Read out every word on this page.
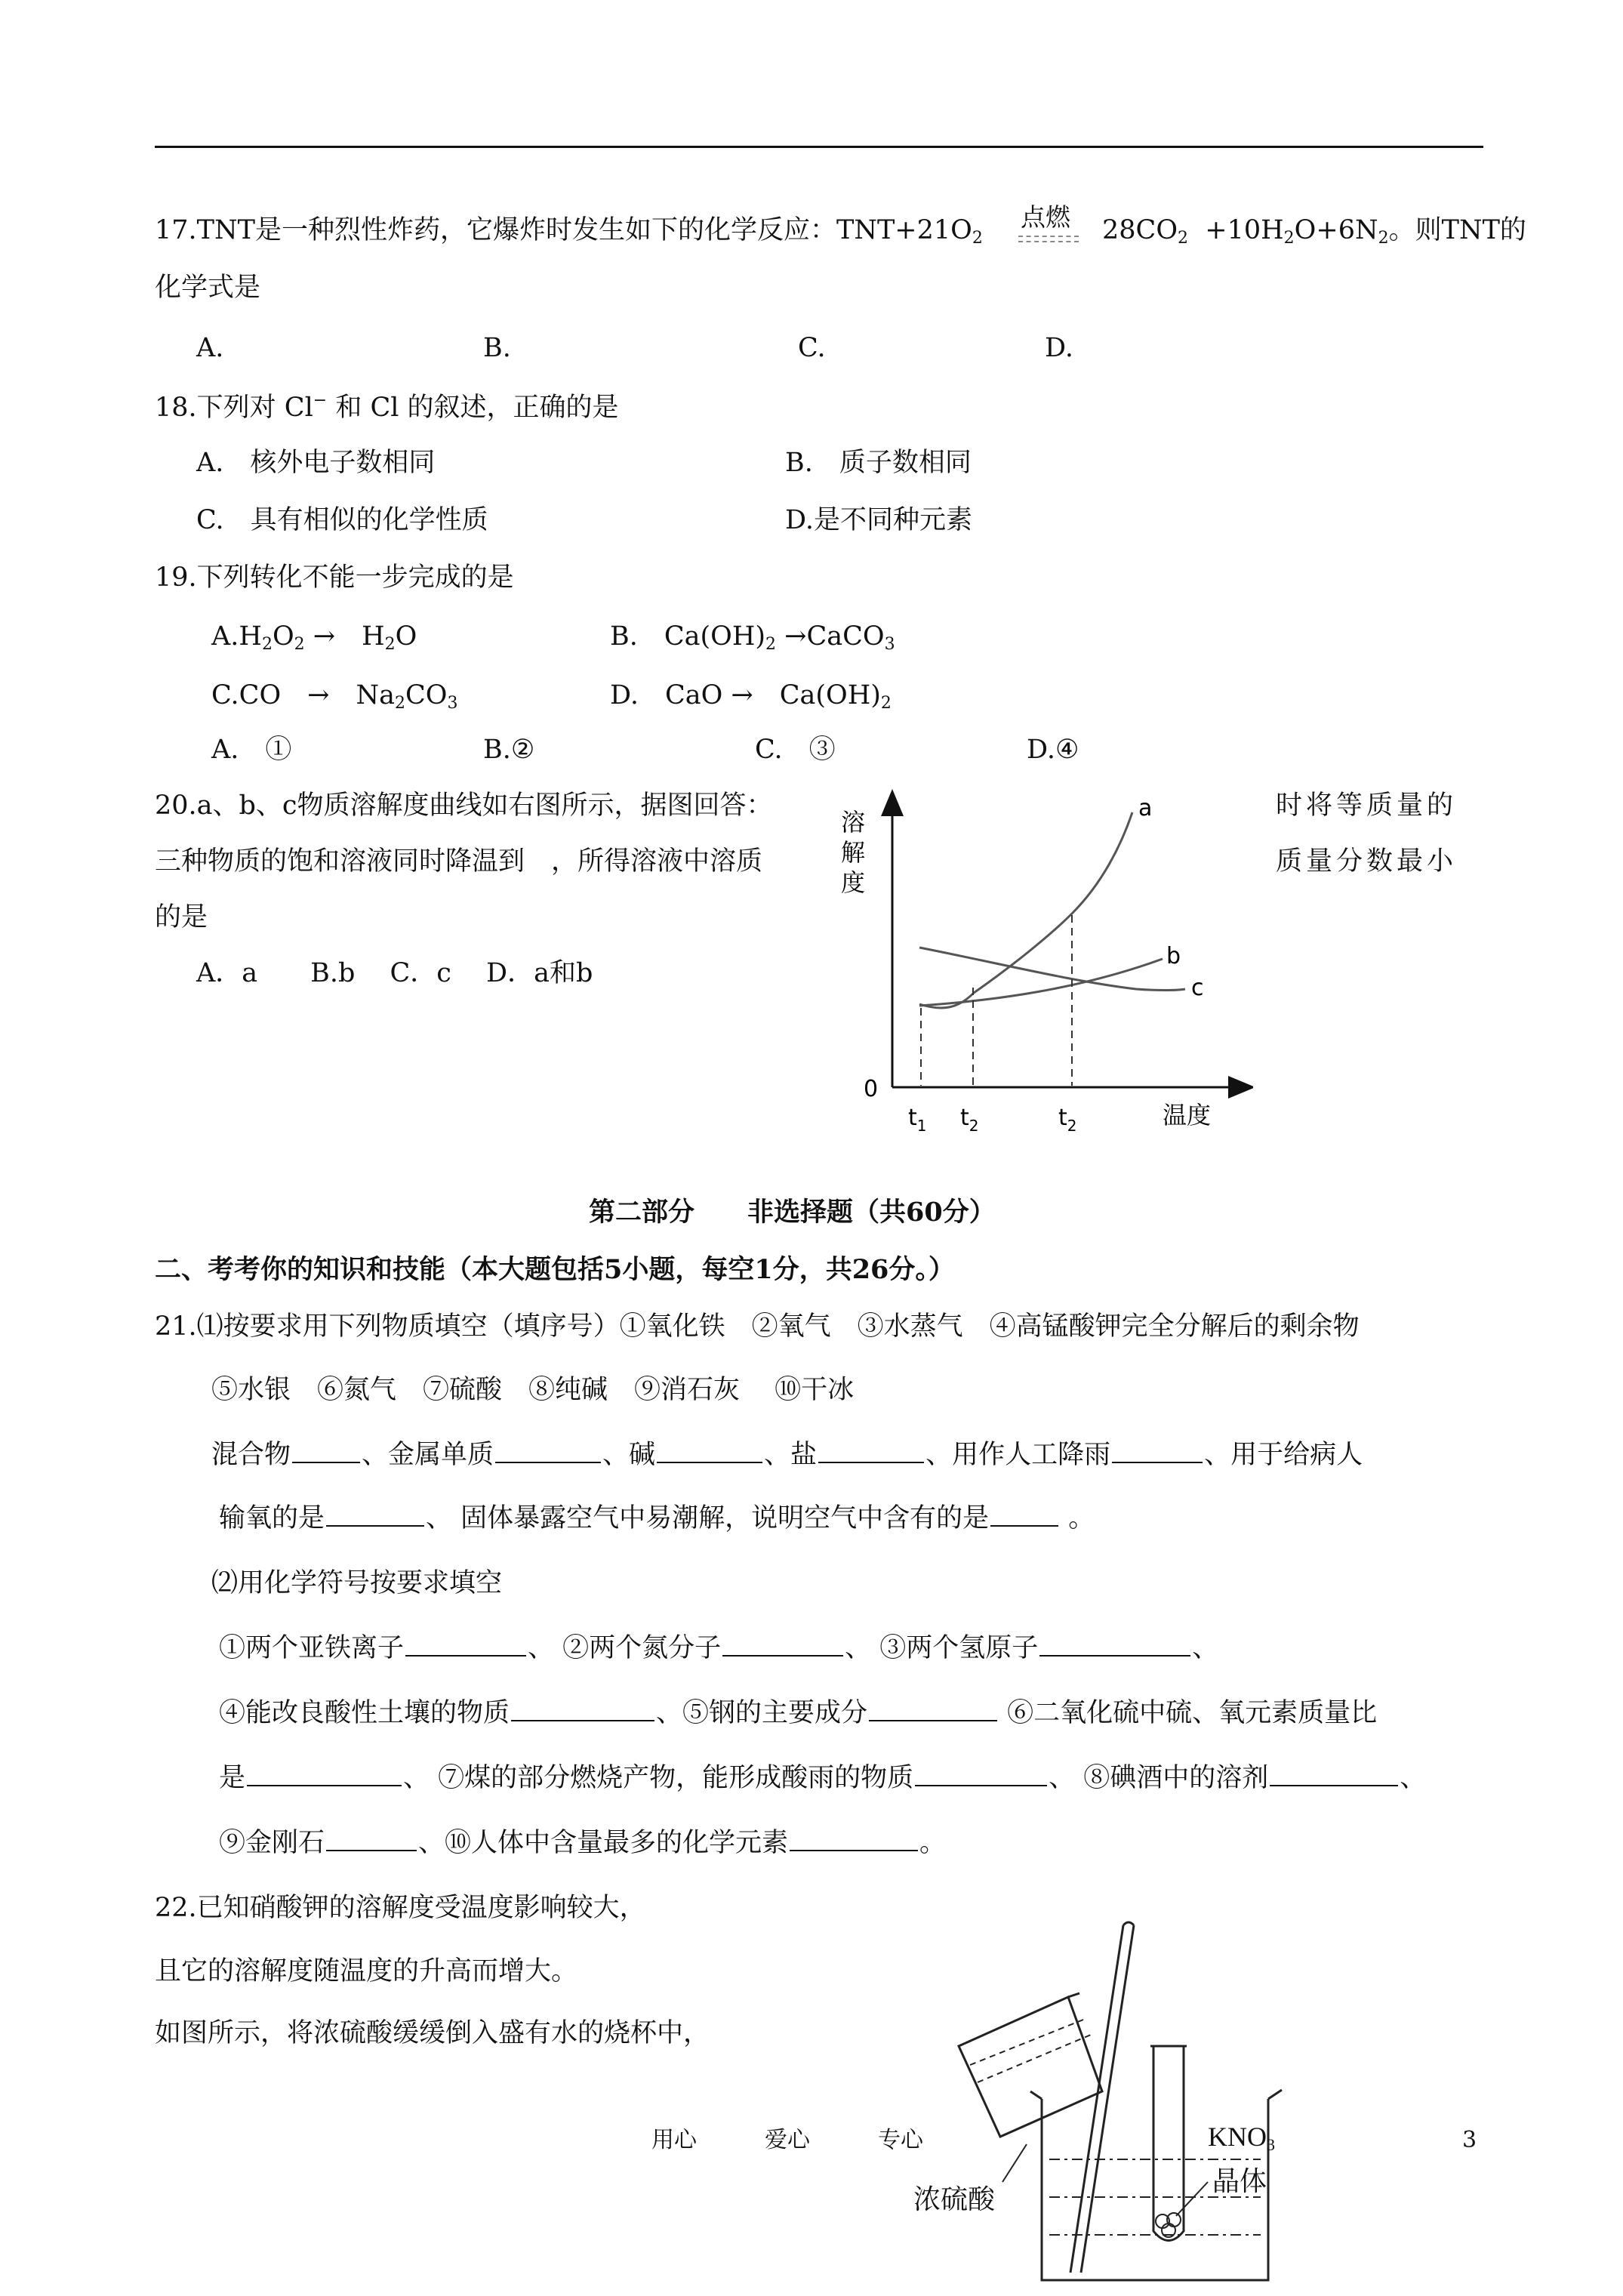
17.TNT是一种烈性炸药，它爆炸时发生如下的化学反应：$TNT+21O_2$
点燃 $28CO_2 +10H_2O+6N_2$。则TNT的
化学式是
A.	B.	C.	D.
18.下列对 Cl− 和 Cl 的叙述，正确的是
A.　核外电子数相同	B.　质子数相同
C.　具有相似的化学性质	D.是不同种元素
19.下列转化不能一步完成的是
$A.H_2O_2$ →　$H_2O$	B.　$Ca(OH)_2$ →CaCO$_3$
C.CO　→　$Na_2CO_3$	D.　CaO →　$Ca(OH)_2$
A.　①	B.②	C.　③	D.④
20.a、b、c物质溶解度曲线如右图所示，据图回答：	时将等质量的
三种物质的饱和溶液同时降温到　，所得溶液中溶质	质量分数最小
的是
A．a　　B.b　 C．c　 D．a和b
溶
解
度
0
a
b
c
$t_1$ $t_2$	$t_2$	温度
第二部分　　非选择题（共60分）
二、考考你的知识和技能（本大题包括5小题，每空1分，共26分。）
21.⑴按要求用下列物质填空（填序号）①氧化铁　②氧气　③水蒸气　④高锰酸钾完全分解后的剩余物
⑤水银　⑥氮气　⑦硫酸　⑧纯碱　⑨消石灰　 ⑩干冰
混合物	、金属单质	、碱	、盐	、用作人工降雨	、用于给病人
输氧的是	、 固体暴露空气中易潮解，说明空气中含有的是	。
⑵用化学符号按要求填空
①两个亚铁离子	、 ②两个氮分子	、 ③两个氢原子	、
④能改良酸性土壤的物质	、⑤钢的主要成分	⑥二氧化硫中硫、氧元素质量比
是	、 ⑦煤的部分燃烧产物，能形成酸雨的物质	、 ⑧碘酒中的溶剂	、
⑨金刚石	、⑩人体中含量最多的化学元素	。
22.已知硝酸钾的溶解度受温度影响较大，
且它的溶解度随温度的升高而增大。
如图所示，将浓硫酸缓缓倒入盛有水的烧杯中，
浓硫酸
$KNO_3$
晶体
用心	爱心	专心	3
